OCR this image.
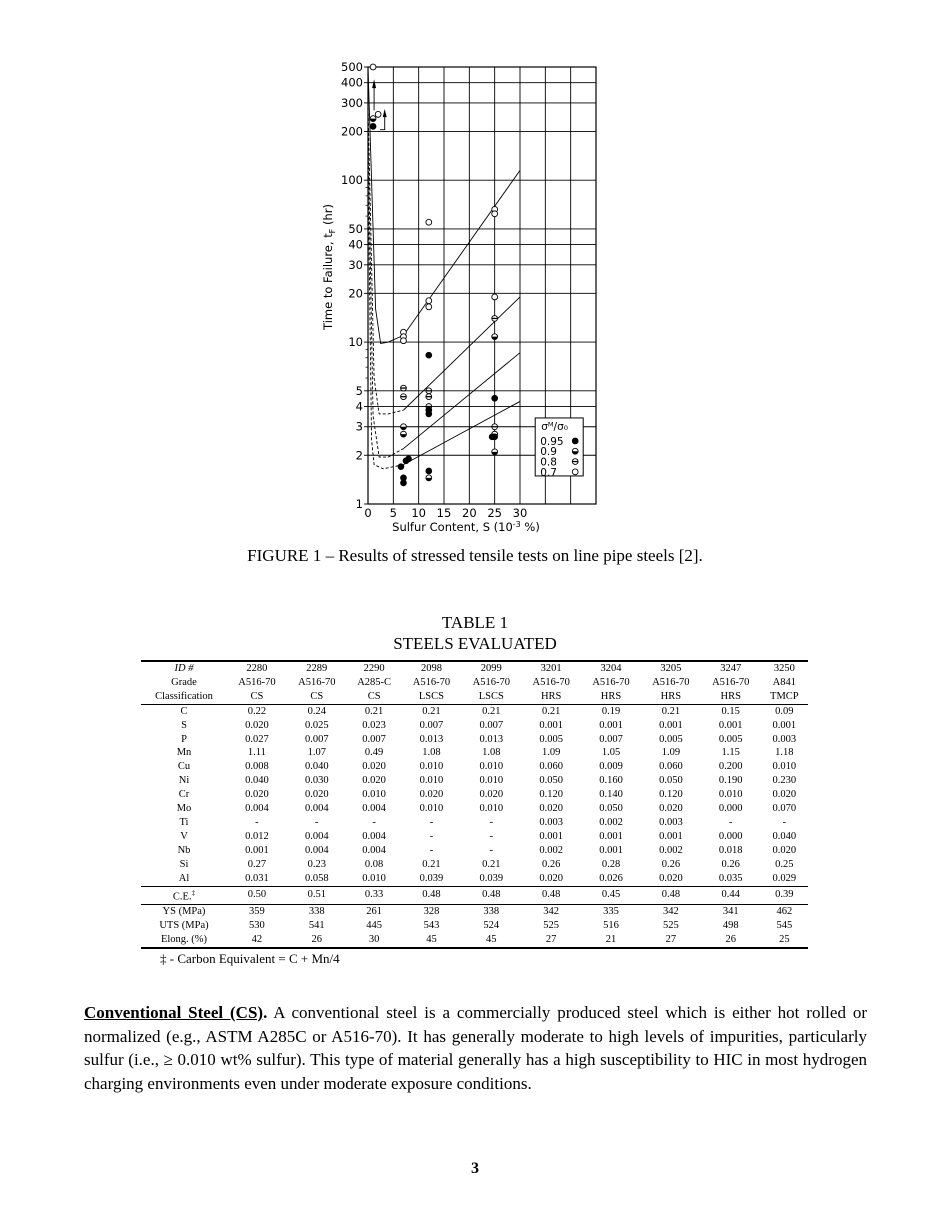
1
2
3
4
5
10
20
30
40
50
100
200
300
400
500
0 5 10 15 20 25 30
Sulfur Content, S ($10^{-3}$ %)
Time to Failure, $t_F$ (hr)
σᴹ/σ₀
0.95
0.9
0.8
0.7
FIGURE 1 – Results of stressed tensile tests on line pipe steels [2].
TABLE 1
STEELS EVALUATED
ID #	2280	2289	2290	2098	2099	3201	3204	3205	3247	3250
Grade	A516-70	A516-70	A285-C	A516-70	A516-70	A516-70	A516-70	A516-70	A516-70	A841
Classification	CS	CS	CS	LSCS	LSCS	HRS	HRS	HRS	HRS	TMCP
C	0.22	0.24	0.21	0.21	0.21	0.21	0.19	0.21	0.15	0.09
S	0.020	0.025	0.023	0.007	0.007	0.001	0.001	0.001	0.001	0.001
P	0.027	0.007	0.007	0.013	0.013	0.005	0.007	0.005	0.005	0.003
Mn	1.11	1.07	0.49	1.08	1.08	1.09	1.05	1.09	1.15	1.18
Cu	0.008	0.040	0.020	0.010	0.010	0.060	0.009	0.060	0.200	0.010
Ni	0.040	0.030	0.020	0.010	0.010	0.050	0.160	0.050	0.190	0.230
Cr	0.020	0.020	0.010	0.020	0.020	0.120	0.140	0.120	0.010	0.020
Mo	0.004	0.004	0.004	0.010	0.010	0.020	0.050	0.020	0.000	0.070
Ti	-	-	-	-	-	0.003	0.002	0.003	-	-
V	0.012	0.004	0.004	-	-	0.001	0.001	0.001	0.000	0.040
Nb	0.001	0.004	0.004	-	-	0.002	0.001	0.002	0.018	0.020
Si	0.27	0.23	0.08	0.21	0.21	0.26	0.28	0.26	0.26	0.25
Al	0.031	0.058	0.010	0.039	0.039	0.020	0.026	0.020	0.035	0.029
C.E.‡	0.50	0.51	0.33	0.48	0.48	0.48	0.45	0.48	0.44	0.39
YS (MPa)	359	338	261	328	338	342	335	342	341	462
UTS (MPa)	530	541	445	543	524	525	516	525	498	545
Elong. (%)	42	26	30	45	45	27	21	27	26	25
‡ - Carbon Equivalent = C + Mn/4
Conventional Steel (CS). A conventional steel is a commercially produced steel which is either hot rolled or normalized (e.g., ASTM A285C or A516-70). It has generally moderate to high levels of impurities, particularly sulfur (i.e., ≥ 0.010 wt% sulfur). This type of material generally has a high susceptibility to HIC in most hydrogen charging environments even under moderate exposure conditions.
3
